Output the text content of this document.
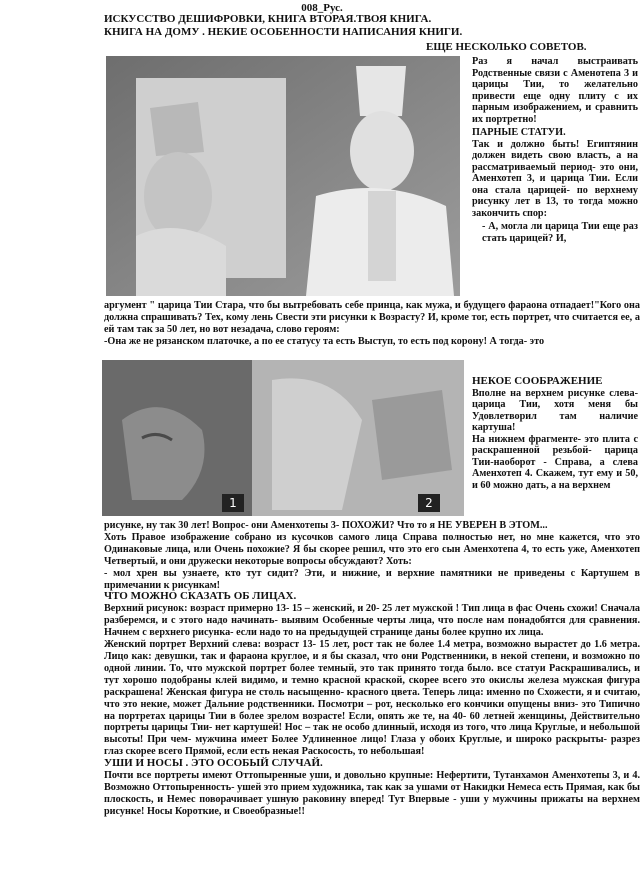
008_Рус.
ИСКУССТВО ДЕШИФРОВКИ, КНИГА ВТОРАЯ.ТВОЯ КНИГА.
КНИГА НА ДОМУ . НЕКИЕ ОСОБЕННОСТИ НАПИСАНИЯ КНИГИ.
ЕЩЕ НЕСКОЛЬКО СОВЕТОВ.

Раз я начал выстраивать Родственные связи с Аменотепа 3 и царицы Тии, то желательно привести еще одну плиту с их парным изображением, и сравнить их портретно!

ПАРНЫЕ СТАТУИ.

Так и должно быть! Египтянин должен видеть свою власть, а на рассматриваемый период- это они, Аменхотеп 3, и царица Тии. Если она стала царицей- по верхнему рисунку лет в 13, то тогда можно закончить спор:

- А, могла ли царица Тии еще раз стать царицей? И,

аргумент " царица Тии Стара, что бы вытребовать себе принца, как мужа, и будущего фараона отпадает!"Кого она должна спрашивать? Тех, кому лень Свести эти рисунки к Возрасту? И, кроме тог, есть портрет, что считается ее, а ей там так за 50 лет, но вот незадача, слово героям:

-Она же не рязанском платочке, а по ее статусу та есть Выступ, то есть под корону! А тогда- это

1	2

НЕКОЕ СООБРАЖЕНИЕ

Вполне на верхнем рисунке слева- царица Тии, хотя меня бы Удовлетворил там наличие картуша!

На нижнем фрагменте- это плита с раскрашенной резьбой- царица Тии-наоборот - Справа, а слева Аменхотеп 4. Скажем, тут ему и 50, и 60 можно дать, а на верхнем

рисунке, ну так 30 лет! Вопрос- они Аменхотепы 3- ПОХОЖИ? Что то я НЕ УВЕРЕН В ЭТОМ...

Хоть Правое изображение собрано из кусочков самого лица Справа полностью нет, но мне кажется, что это Одинаковые лица, или Очень похожие? Я бы скорее решил, что это его сын Аменхотепа 4, то есть уже, Аменхотеп Четвертый, и они дружески некоторые вопросы обсуждают? Хоть:

- мол хрен вы узнаете, кто тут сидит? Эти, и нижние, и верхние памятники не приведены с Картушем в примечании к рисункам!

ЧТО МОЖНО СКАЗАТЬ ОБ ЛИЦАХ.

Верхний рисунок: возраст примерно 13- 15 – женский, и 20- 25 лет мужской ! Тип лица в фас Очень схожи! Сначала разберемся, и с этого надо начинать- выявим Особенные черты лица, что после нам понадобятся для сравнения. Начнем с верхнего рисунка- если надо то на предыдущей странице даны более крупно их лица.

Женский портрет Верхний слева: возраст 13- 15 лет, рост так не более 1.4 метра, возможно вырастет до 1.6 метра. Лицо как: девушки, так и фараона круглое, и я бы сказал, что они Родственники, в некой степени, и возможно по одной линии. То, что мужской портрет более темный, это так принято тогда было. все статуи Раскрашивались, и тут хорошо подобраны клей видимо, и темно красной краской, скорее всего это окислы железа мужская фигура раскрашена! Женская фигура не столь насыщенно- красного цвета. Теперь лица: именно по Схожести, я и считаю, что это некие, может Дальние родственники. Посмотри – рот, несколько его кончики опущены вниз- это Типично на портретах царицы Тии в более зрелом возрасте! Если, опять же те, на 40- 60 летней женщины, Действительно портреты царицы Тии- нет картушей! Нос – так не особо длинный, исходя из того, что лица Круглые, и небольшой высоты! При чем- мужчина имеет Более Удлиненное лицо! Глаза у обоих Круглые, и широко раскрыты- разрез глаз скорее всего Прямой, если есть некая Раскосость, то небольшая!

УШИ И НОСЫ . ЭТО ОСОБЫЙ СЛУЧАЙ.

Почти все портреты имеют Оттопыренные уши, и довольно крупные: Нефертити, Тутанхамон Аменхотепы 3, и 4. Возможно Оттопыренность- ушей это прием художника, так как за ушами от Накидки Немеса есть Прямая, как бы плоскость, и Немес поворачивает ушную раковину вперед! Тут Впервые - уши у мужчины прижаты на верхнем рисунке! Носы Короткие, и Своеобразные!!
